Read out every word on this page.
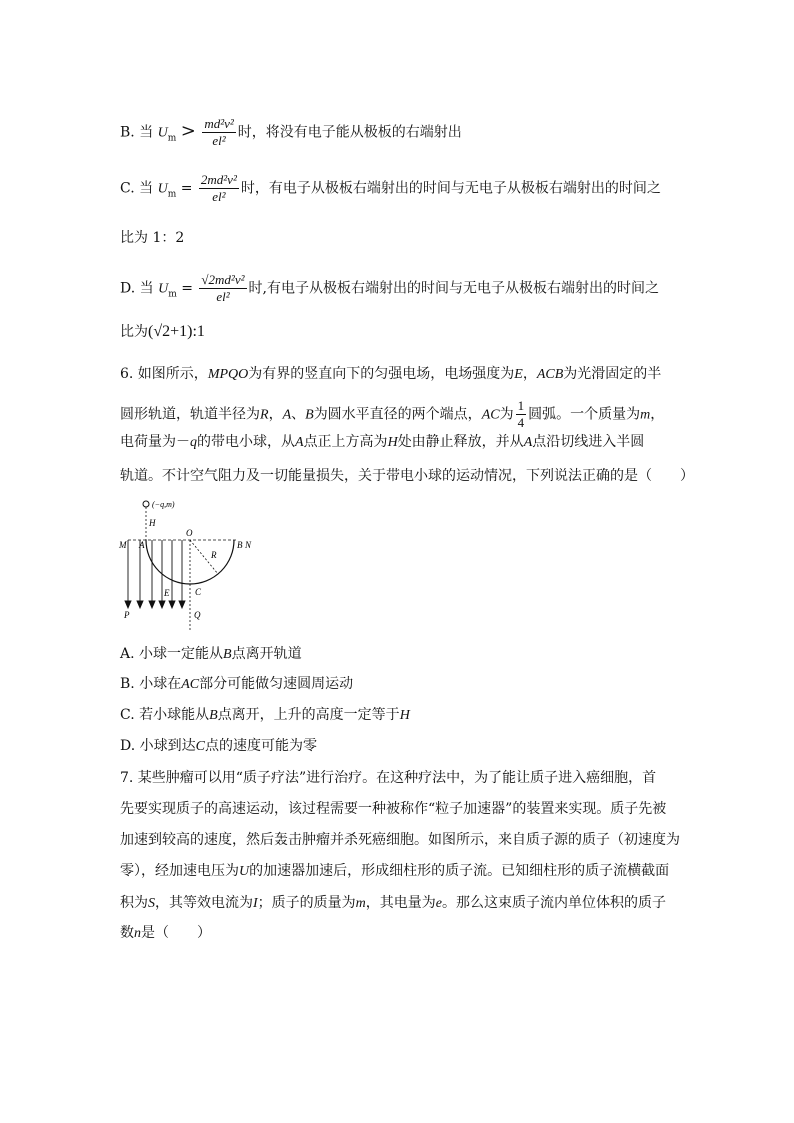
B. 当 $U_m > \frac{\text{md²v²}}{\text{el²}}$ 时，将没有电子能从极板的右端射出
C. 当 $U_m = \frac{\text{2md²v²}}{\text{el²}}$ 时，有电子从极板右端射出的时间与无电子从极板右端射出的时间之
比为 1：2
D. 当 $U_m = \frac{\text{√2md²v²}}{\text{el²}}$ 时,有电子从极板右端射出的时间与无电子从极板右端射出的时间之
比为(√2+1):1
6. 如图所示，MPQO为有界的竖直向下的匀强电场，电场强度为E，ACB为光滑固定的半
圆形轨道，轨道半径为R，A、B为圆水平直径的两个端点，AC为 $\frac{1}{4}$ 圆弧。一个质量为m，
电荷量为－q的带电小球，从A点正上方高为H处由静止释放，并从A点沿切线进入半圆
轨道。不计空气阻力及一切能量损失，关于带电小球的运动情况，下列说法正确的是（　　）
(−q,m)
H
M A
O
B N
R
E	C
P	Q
A. 小球一定能从B点离开轨道
B. 小球在AC部分可能做匀速圆周运动
C. 若小球能从B点离开，上升的高度一定等于H
D. 小球到达C点的速度可能为零
7. 某些肿瘤可以用“质子疗法”进行治疗。在这种疗法中，为了能让质子进入癌细胞，首
先要实现质子的高速运动，该过程需要一种被称作“粒子加速器”的装置来实现。质子先被
加速到较高的速度，然后轰击肿瘤并杀死癌细胞。如图所示，来自质子源的质子（初速度为
零），经加速电压为U的加速器加速后，形成细柱形的质子流。已知细柱形的质子流横截面
积为S，其等效电流为I；质子的质量为m，其电量为e。那么这束质子流内单位体积的质子
数n是（　　）
